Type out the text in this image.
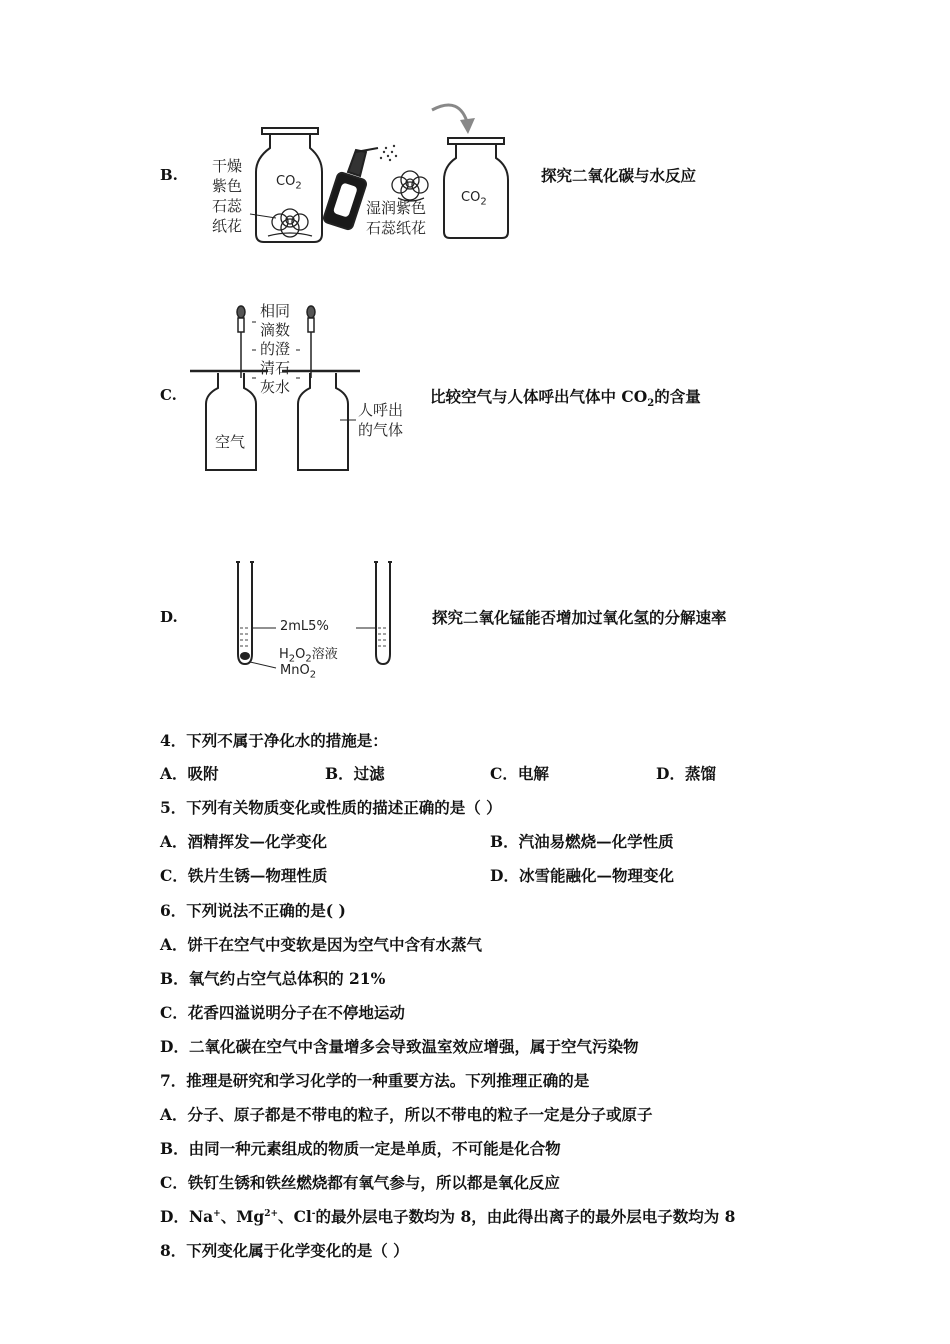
B. 干燥
紫色
石蕊
纸花
$CO_2$
$CO_2$
湿润紫色
石蕊纸花
探究二氧化碳与水反应
C.
相同
滴数
的澄
清石
灰水
空气
人呼出
的气体
比较空气与人体呼出气体中 $CO_2$的含量
D.
2mL5%
$H_2O_2$溶液
MnO$_2$
探究二氧化锰能否增加过氧化氢的分解速率
4．下列不属于净化水的措施是：
A．吸附	B．过滤	C．电解	D．蒸馏
5．下列有关物质变化或性质的描述正确的是（ ）
A．酒精挥发—化学变化	B．汽油易燃烧—化学性质
C．铁片生锈—物理性质	D．冰雪能融化—物理变化
6．下列说法不正确的是( )
A．饼干在空气中变软是因为空气中含有水蒸气
B．氧气约占空气总体积的 21%
C．花香四溢说明分子在不停地运动
D．二氧化碳在空气中含量增多会导致温室效应增强，属于空气污染物
7．推理是研究和学习化学的一种重要方法。下列推理正确的是
A．分子、原子都是不带电的粒子，所以不带电的粒子一定是分子或原子
B．由同一种元素组成的物质一定是单质，不可能是化合物
C．铁钉生锈和铁丝燃烧都有氧气参与，所以都是氧化反应
D．Na+、$Mg^{2+}$、Cl-的最外层电子数均为 8，由此得出离子的最外层电子数均为 8
8．下列变化属于化学变化的是（ ）
